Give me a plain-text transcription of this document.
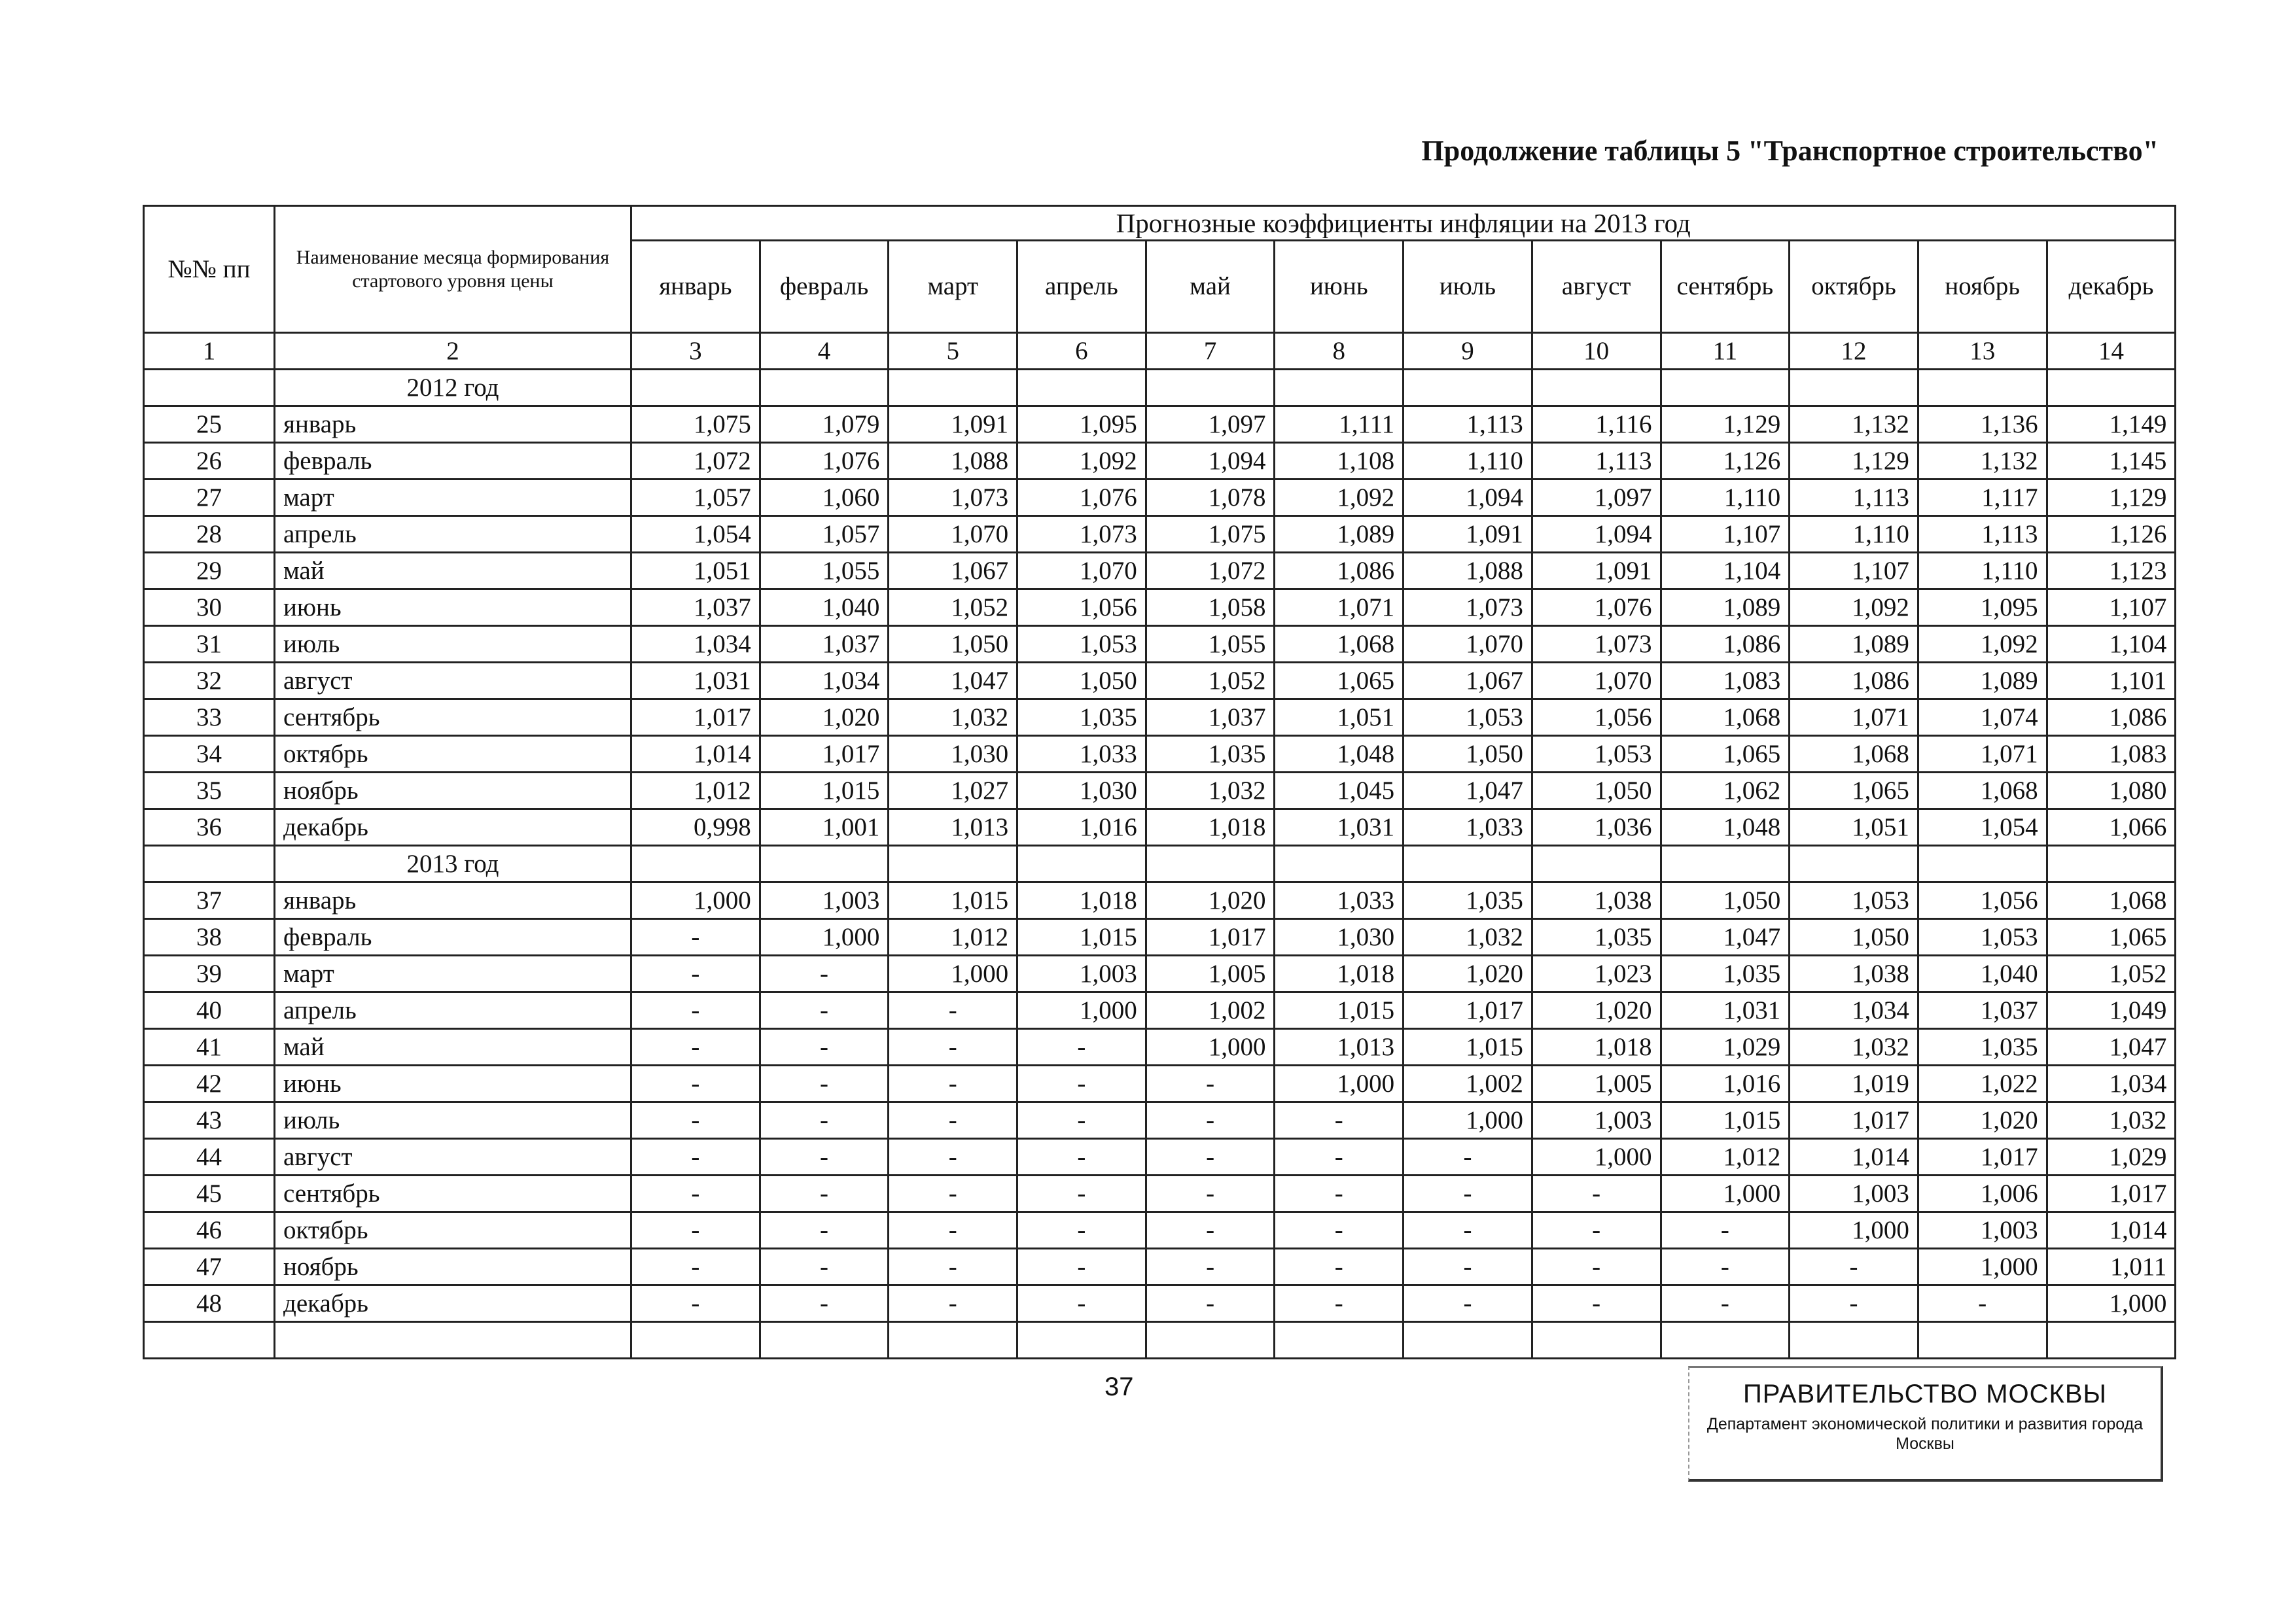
Продолжение таблицы 5 "Транспортное строительство"
№№ пп	Наименование месяца формирования стартового уровня цены	Прогнозные коэффициенты инфляции на 2013 год											
		январь	февраль	март	апрель	май	июнь	июль	август	сентябрь	октябрь	ноябрь	декабрь
1	2	3	4	5	6	7	8	9	10	11	12	13	14
	2012 год												
25	январь	1,075	1,079	1,091	1,095	1,097	1,111	1,113	1,116	1,129	1,132	1,136	1,149
26	февраль	1,072	1,076	1,088	1,092	1,094	1,108	1,110	1,113	1,126	1,129	1,132	1,145
27	март	1,057	1,060	1,073	1,076	1,078	1,092	1,094	1,097	1,110	1,113	1,117	1,129
28	апрель	1,054	1,057	1,070	1,073	1,075	1,089	1,091	1,094	1,107	1,110	1,113	1,126
29	май	1,051	1,055	1,067	1,070	1,072	1,086	1,088	1,091	1,104	1,107	1,110	1,123
30	июнь	1,037	1,040	1,052	1,056	1,058	1,071	1,073	1,076	1,089	1,092	1,095	1,107
31	июль	1,034	1,037	1,050	1,053	1,055	1,068	1,070	1,073	1,086	1,089	1,092	1,104
32	август	1,031	1,034	1,047	1,050	1,052	1,065	1,067	1,070	1,083	1,086	1,089	1,101
33	сентябрь	1,017	1,020	1,032	1,035	1,037	1,051	1,053	1,056	1,068	1,071	1,074	1,086
34	октябрь	1,014	1,017	1,030	1,033	1,035	1,048	1,050	1,053	1,065	1,068	1,071	1,083
35	ноябрь	1,012	1,015	1,027	1,030	1,032	1,045	1,047	1,050	1,062	1,065	1,068	1,080
36	декабрь	0,998	1,001	1,013	1,016	1,018	1,031	1,033	1,036	1,048	1,051	1,054	1,066
	2013 год												
37	январь	1,000	1,003	1,015	1,018	1,020	1,033	1,035	1,038	1,050	1,053	1,056	1,068
38	февраль	-	1,000	1,012	1,015	1,017	1,030	1,032	1,035	1,047	1,050	1,053	1,065
39	март	-	-	1,000	1,003	1,005	1,018	1,020	1,023	1,035	1,038	1,040	1,052
40	апрель	-	-	-	1,000	1,002	1,015	1,017	1,020	1,031	1,034	1,037	1,049
41	май	-	-	-	-	1,000	1,013	1,015	1,018	1,029	1,032	1,035	1,047
42	июнь	-	-	-	-	-	1,000	1,002	1,005	1,016	1,019	1,022	1,034
43	июль	-	-	-	-	-	-	1,000	1,003	1,015	1,017	1,020	1,032
44	август	-	-	-	-	-	-	-	1,000	1,012	1,014	1,017	1,029
45	сентябрь	-	-	-	-	-	-	-	-	1,000	1,003	1,006	1,017
46	октябрь	-	-	-	-	-	-	-	-	-	1,000	1,003	1,014
47	ноябрь	-	-	-	-	-	-	-	-	-	-	1,000	1,011
48	декабрь	-	-	-	-	-	-	-	-	-	-	-	1,000

37	ПРАВИТЕЛЬСТВО МОСКВЫ
Департамент экономической политики и развития города Москвы
